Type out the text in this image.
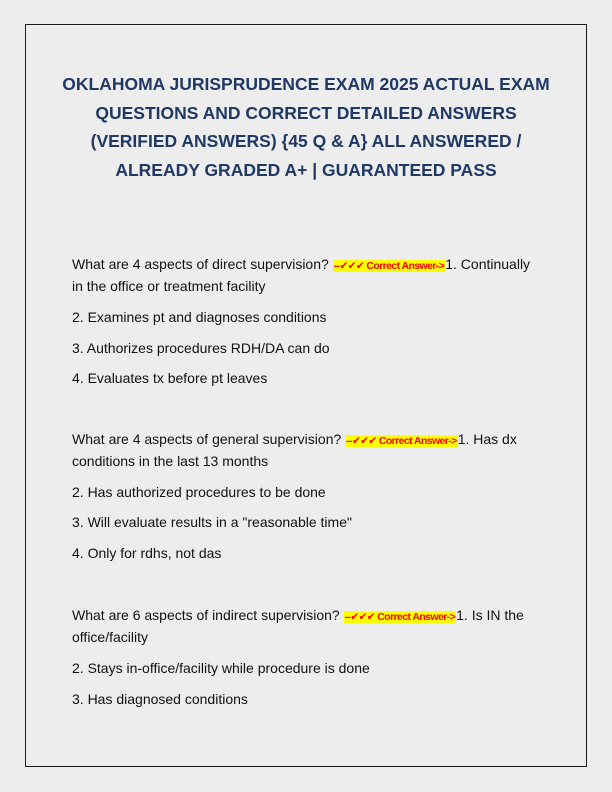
OKLAHOMA JURISPRUDENCE EXAM 2025 ACTUAL EXAM
QUESTIONS AND CORRECT DETAILED ANSWERS
(VERIFIED ANSWERS) {45 Q & A} ALL ANSWERED /
ALREADY GRADED A+ | GUARANTEED PASS
What are 4 aspects of direct supervision? --✔✔✔ Correct Answer->1. Continually
in the office or treatment facility
2. Examines pt and diagnoses conditions
3. Authorizes procedures RDH/DA can do
4. Evaluates tx before pt leaves
What are 4 aspects of general supervision? --✔✔✔ Correct Answer->1. Has dx
conditions in the last 13 months
2. Has authorized procedures to be done
3. Will evaluate results in a "reasonable time"
4. Only for rdhs, not das
What are 6 aspects of indirect supervision? --✔✔✔ Correct Answer->1. Is IN the
office/facility
2. Stays in-office/facility while procedure is done
3. Has diagnosed conditions
